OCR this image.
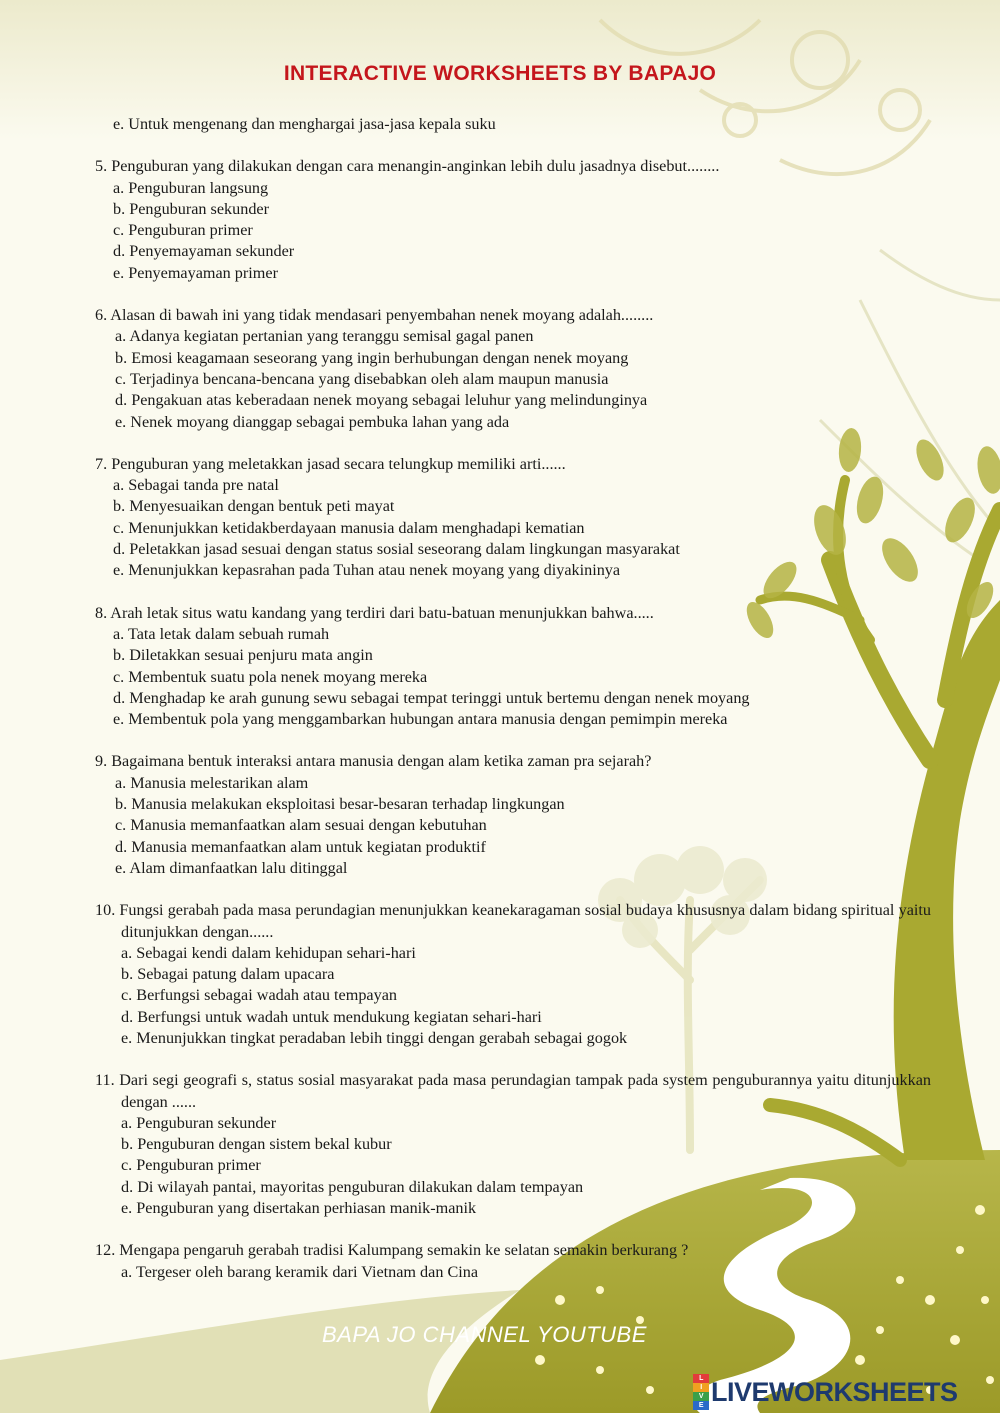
INTERACTIVE WORKSHEETS BY BAPAJO

e. Untuk mengenang dan menghargai jasa-jasa kepala suku

5. Penguburan yang dilakukan dengan cara menangin-anginkan lebih dulu jasadnya disebut........

a. Penguburan langsung

b. Penguburan sekunder

c. Penguburan primer

d. Penyemayaman sekunder

e. Penyemayaman primer

6. Alasan di bawah ini yang tidak mendasari penyembahan nenek moyang adalah........

a. Adanya kegiatan pertanian yang teranggu semisal gagal panen

b. Emosi keagamaan seseorang yang ingin berhubungan dengan nenek moyang

c. Terjadinya bencana-bencana yang disebabkan oleh alam maupun manusia

d. Pengakuan atas keberadaan nenek moyang sebagai leluhur yang melindunginya

e. Nenek moyang dianggap sebagai pembuka lahan yang ada

7. Penguburan yang meletakkan jasad secara telungkup memiliki arti......

a. Sebagai tanda pre natal

b. Menyesuaikan dengan bentuk peti mayat

c. Menunjukkan ketidakberdayaan manusia dalam menghadapi kematian

d. Peletakkan jasad sesuai dengan status sosial seseorang dalam lingkungan masyarakat

e. Menunjukkan kepasrahan pada Tuhan atau nenek moyang yang diyakininya

8. Arah letak situs watu kandang yang terdiri dari batu-batuan menunjukkan bahwa.....

a. Tata letak dalam sebuah rumah

b. Diletakkan sesuai penjuru mata angin

c. Membentuk suatu pola nenek moyang mereka

d. Menghadap ke arah gunung sewu sebagai tempat teringgi untuk bertemu dengan nenek moyang

e. Membentuk pola yang menggambarkan hubungan antara manusia dengan pemimpin mereka

9. Bagaimana bentuk interaksi antara manusia dengan alam ketika zaman pra sejarah?

a. Manusia melestarikan alam

b. Manusia melakukan eksploitasi besar-besaran terhadap lingkungan

c. Manusia memanfaatkan alam sesuai dengan kebutuhan

d. Manusia memanfaatkan alam untuk kegiatan produktif

e. Alam dimanfaatkan lalu ditinggal

10. Fungsi gerabah pada masa perundagian menunjukkan keanekaragaman sosial budaya khususnya dalam bidang spiritual yaitu ditunjukkan dengan......

a. Sebagai kendi dalam kehidupan sehari-hari

b. Sebagai patung dalam upacara

c. Berfungsi sebagai wadah atau tempayan

d. Berfungsi untuk wadah untuk mendukung kegiatan sehari-hari

e. Menunjukkan tingkat peradaban lebih tinggi dengan gerabah sebagai gogok

11. Dari segi geografi s, status sosial masyarakat pada masa perundagian tampak pada system penguburannya yaitu ditunjukkan dengan ......

a. Penguburan sekunder

b. Penguburan dengan sistem bekal kubur

c. Penguburan primer

d. Di wilayah pantai, mayoritas penguburan dilakukan dalam tempayan

e. Penguburan yang disertakan perhiasan manik-manik

12. Mengapa pengaruh gerabah tradisi Kalumpang semakin ke selatan semakin berkurang ?

a. Tergeser oleh barang keramik dari Vietnam dan Cina

BAPA JO CHANNEL YOUTUBE
L
I
V
E LIVEWORKSHEETS
